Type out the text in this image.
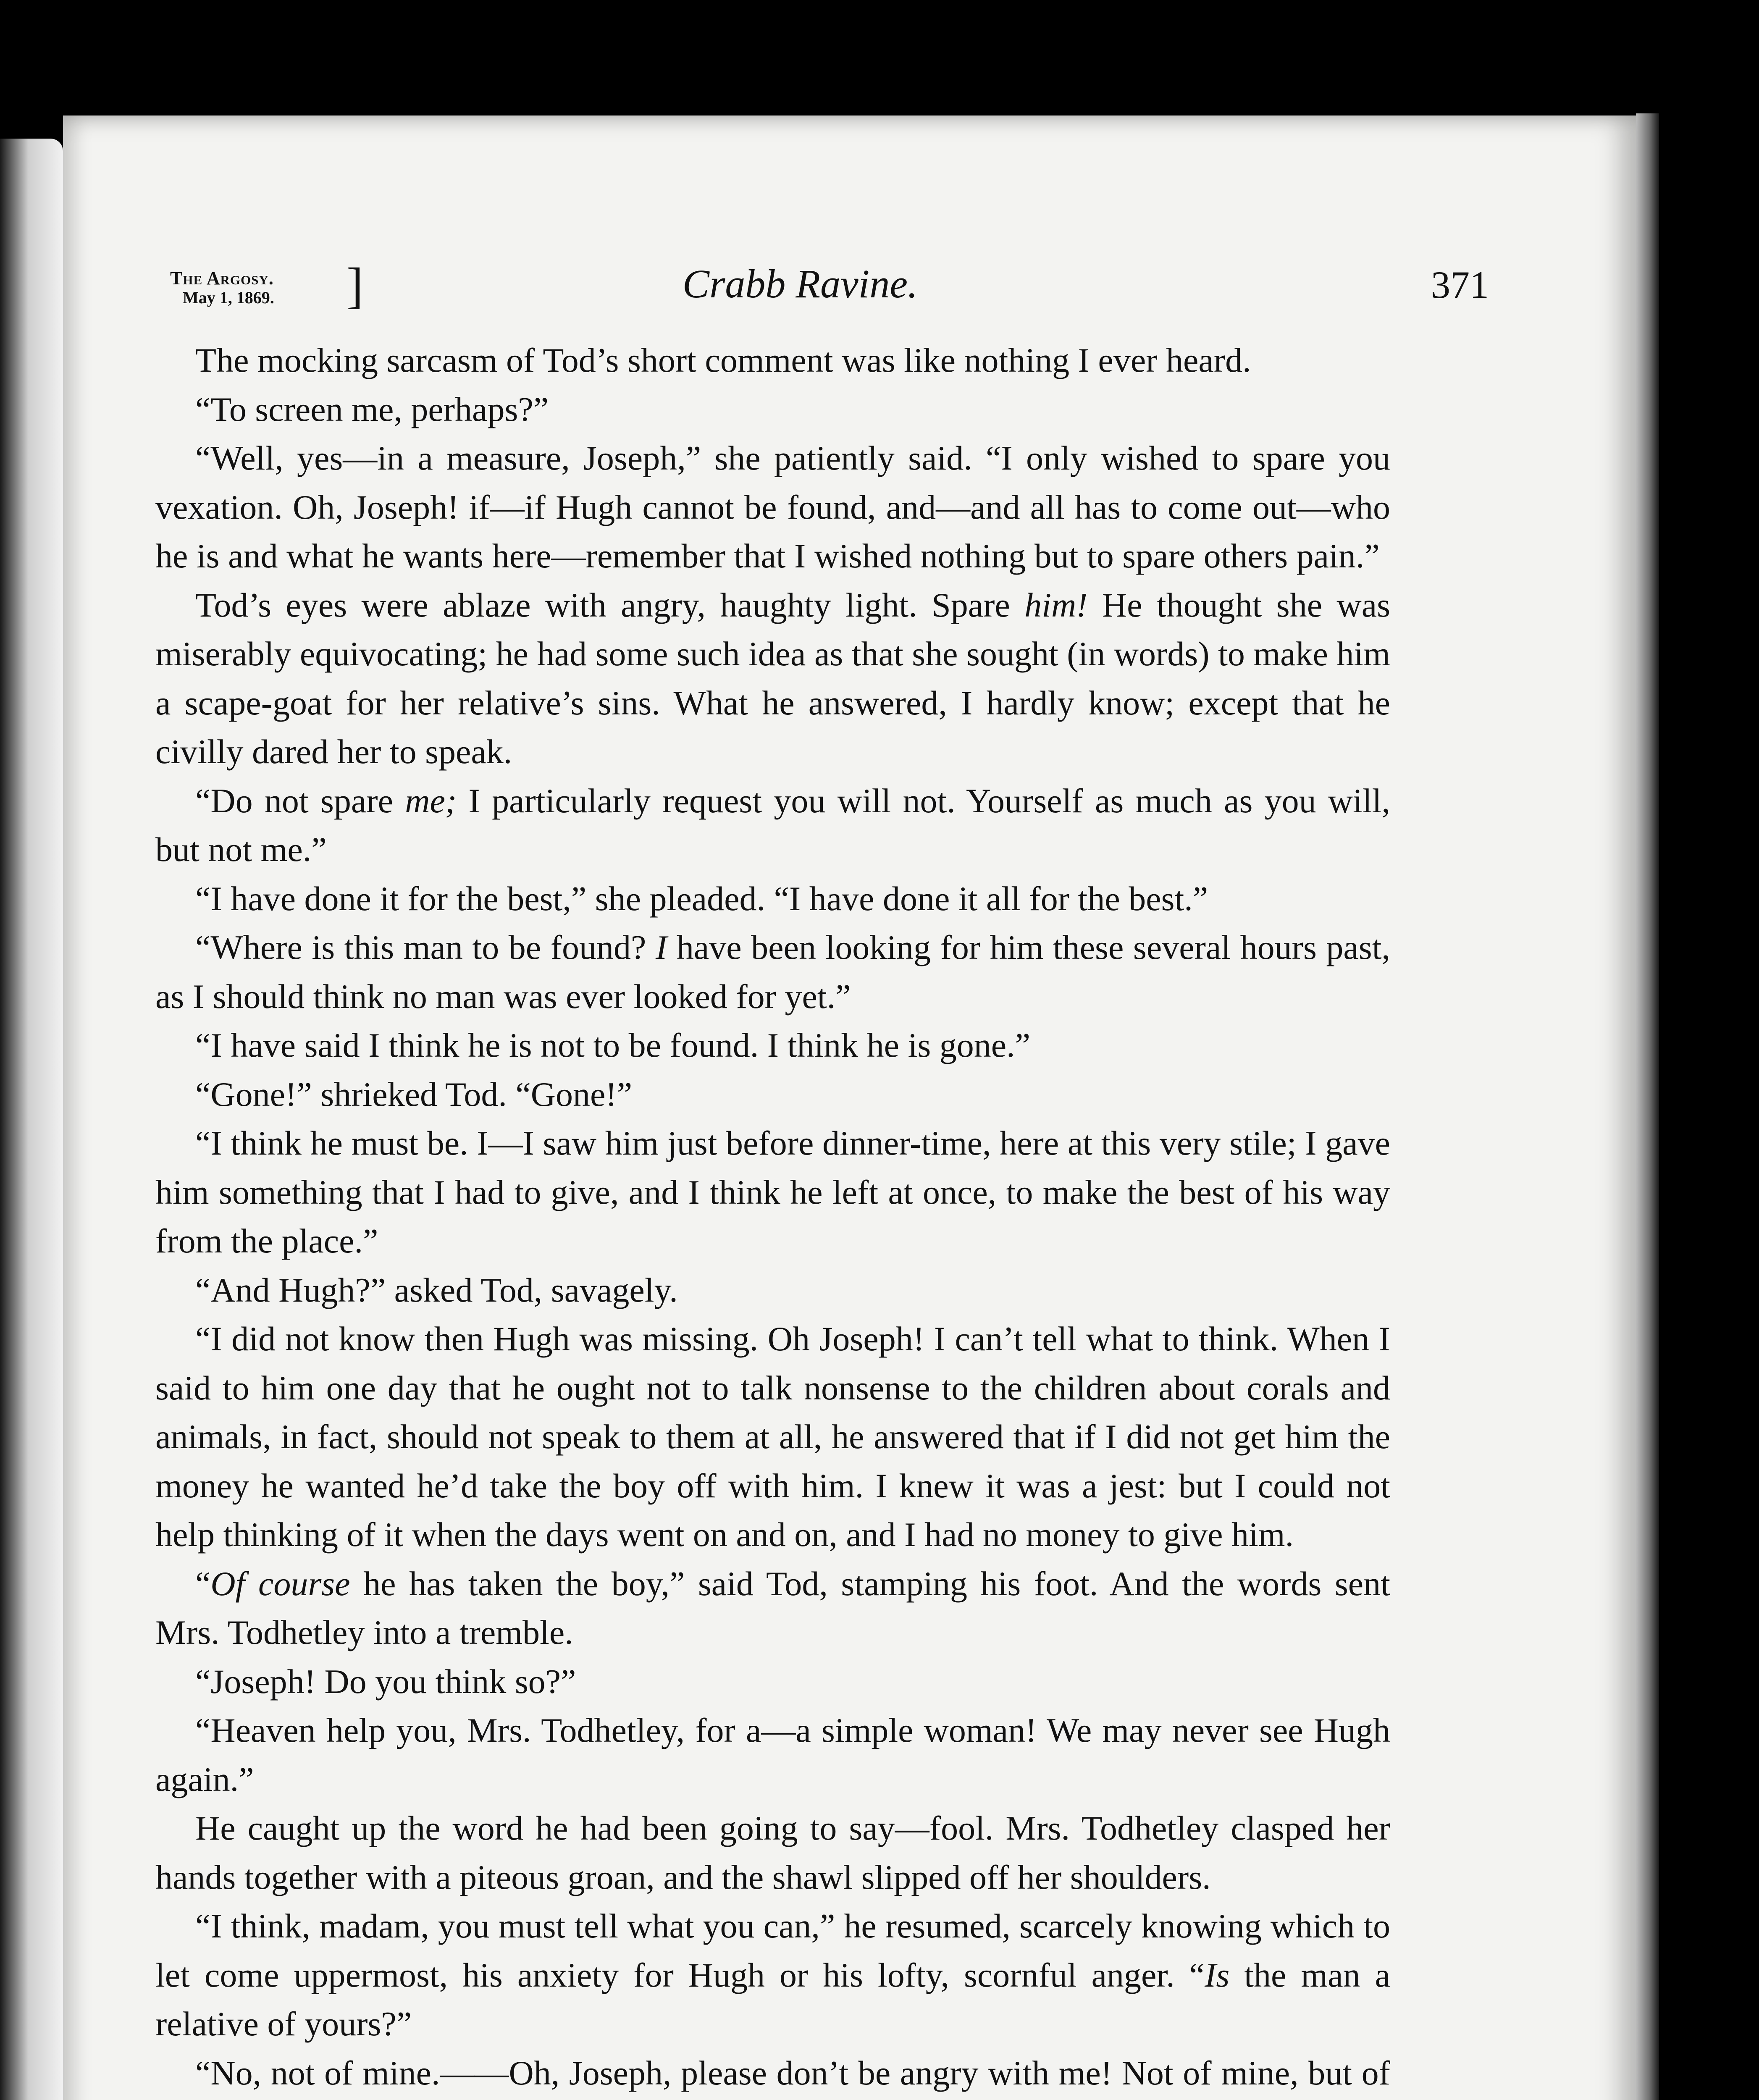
The Argosy.
May 1, 1869.	]	Crabb Ravine.	371

The mocking sarcasm of Tod’s short comment was like nothing I ever heard.

“To screen me, perhaps?”

“Well, yes—in a measure, Joseph,” she patiently said. “I only wished to spare you vexation. Oh, Joseph! if—if Hugh cannot be found, and—and all has to come out—who he is and what he wants here—remember that I wished nothing but to spare others pain.”

Tod’s eyes were ablaze with angry, haughty light. Spare him! He thought she was miserably equivocating; he had some such idea as that she sought (in words) to make him a scape-goat for her relative’s sins. What he answered, I hardly know; except that he civilly dared her to speak.

“Do not spare me; I particularly request you will not. Yourself as much as you will, but not me.”

“I have done it for the best,” she pleaded. “I have done it all for the best.”

“Where is this man to be found? I have been looking for him these several hours past, as I should think no man was ever looked for yet.”

“I have said I think he is not to be found. I think he is gone.”

“Gone!” shrieked Tod. “Gone!”

“I think he must be. I—I saw him just before dinner-time, here at this very stile; I gave him something that I had to give, and I think he left at once, to make the best of his way from the place.”

“And Hugh?” asked Tod, savagely.

“I did not know then Hugh was missing. Oh Joseph! I can’t tell what to think. When I said to him one day that he ought not to talk nonsense to the children about corals and animals, in fact, should not speak to them at all, he answered that if I did not get him the money he wanted he’d take the boy off with him. I knew it was a jest: but I could not help thinking of it when the days went on and on, and I had no money to give him.

“Of course he has taken the boy,” said Tod, stamping his foot. And the words sent Mrs. Todhetley into a tremble.

“Joseph! Do you think so?”

“Heaven help you, Mrs. Todhetley, for a—a simple woman! We may never see Hugh again.”

He caught up the word he had been going to say—fool. Mrs. Todhetley clasped her hands together with a piteous groan, and the shawl slipped off her shoulders.

“I think, madam, you must tell what you can,” he resumed, scarcely knowing which to let come uppermost, his anxiety for Hugh or his lofty, scornful anger. “Is the man a relative of yours?”

“No, not of mine.——Oh, Joseph, please don’t be angry with me! Not of mine, but of
